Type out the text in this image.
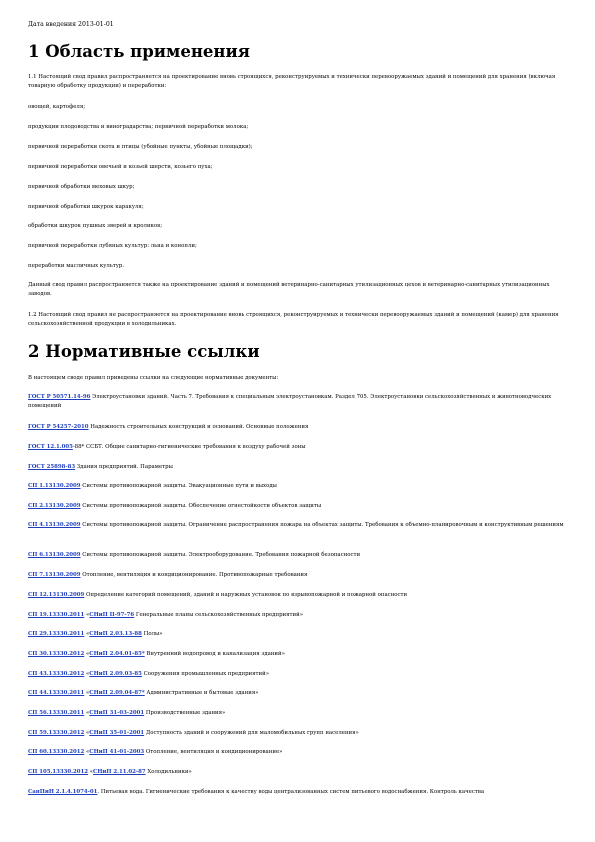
Дата введения 2013-01-01
1 Область применения

1.1 Настоящий свод правил распространяется на проектирование вновь строящихся, реконструируемых и технически перевооружаемых зданий и помещений для хранения (включая товарную обработку продукции) и переработки:

овощей, картофеля;

продукции плодоводства и виноградарства; первичной переработки молока;

первичной переработки скота и птицы (убойные пункты, убойные площадки);

первичной переработки овечьей и козьей шерсти, козьего пуха;

первичной обработки меховых шкур;

первичной обработки шкурок каракуля;

обработки шкурок пушных зверей и кроликов;

первичной переработки лубяных культур: льна и конопли;

переработки масличных культур.

Данный свод правил распространяется также на проектирование зданий и помещений ветеринарно-санитарных утилизационных цехов и ветеринарно-санитарных утилизационных заводов.

1.2 Настоящий свод правил не распространяется на проектирование вновь строящихся, реконструируемых и технически перевооружаемых зданий и помещений (камер) для хранения сельскохозяйственной продукции в холодильниках.

2 Нормативные ссылки

В настоящем своде правил приведены ссылки на следующие нормативные документы:

ГОСТ Р 50571.14-96 Электроустановки зданий. Часть 7. Требования к специальным электроустановкам. Раздел 705. Электроустановки сельскохозяйственных и животноводческих помещений

ГОСТ Р 54257-2010 Надежность строительных конструкций и оснований. Основные положения

ГОСТ 12.1.005-88* ССБТ. Общие санитарно-гигиенические требования к воздуху рабочей зоны

ГОСТ 25898-83 Здания предприятий. Параметры

СП 1.13130.2009 Системы противопожарной защиты. Эвакуационные пути и выходы

СП 2.13130.2009 Системы противопожарной защиты. Обеспечение огнестойкости объектов защиты

СП 4.13130.2009 Системы противопожарной защиты. Ограничение распространения пожара на объектах защиты. Требования к объемно-планировочным и конструктивным решениям

СП 6.13130.2009 Системы противопожарной защиты. Электрооборудование. Требования пожарной безопасности

СП 7.13130.2009 Отопление, вентиляция и кондиционирование. Противопожарные требования

СП 12.13130.2009 Определение категорий помещений, зданий и наружных установок по взрывопожарной и пожарной опасности

СП 19.13330.2011 «СНиП II-97-76 Генеральные планы сельскохозяйственных предприятий»

СП 29.13330.2011 «СНиП 2.03.13-88 Полы»

СП 30.13330.2012 «СНиП 2.04.01-85* Внутренний водопровод и канализация зданий»

СП 43.13330.2012 «СНиП 2.09.03-85 Сооружения промышленных предприятий»

СП 44.13330.2011 «СНиП 2.09.04-87* Административные и бытовые здания»

СП 56.13330.2011 «СНиП 31-03-2001 Производственные здания»

СП 59.13330.2012 «СНиП 35-01-2001 Доступность зданий и сооружений для маломобильных групп населения»

СП 60.13330.2012 «СНиП 41-01-2003 Отопление, вентиляция и кондиционирование»

СП 105.13330.2012 «СНиП 2.11.02-87 Холодильники»

СанПиН 2.1.4.1074-01. Питьевая вода. Гигиенические требования к качеству воды централизованных систем питьевого водоснабжения. Контроль качества
